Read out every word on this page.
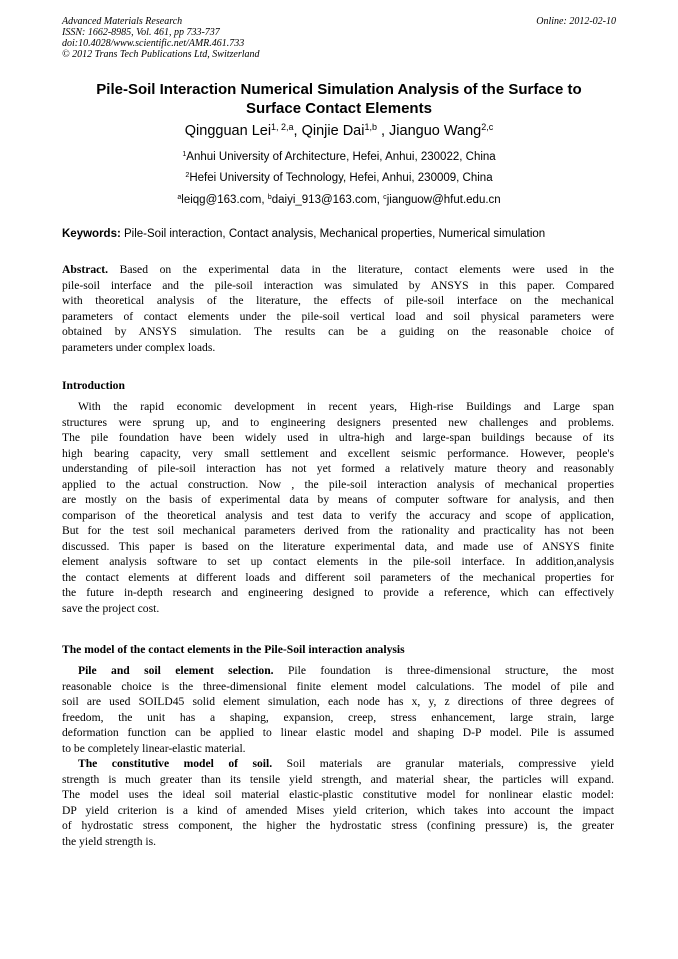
Advanced Materials Research
ISSN: 1662-8985, Vol. 461, pp 733-737
doi:10.4028/www.scientific.net/AMR.461.733
© 2012 Trans Tech Publications Ltd, Switzerland
Online: 2012-02-10
Pile-Soil Interaction Numerical Simulation Analysis of the Surface to
Surface Contact Elements
Qingguan Lei$^{1, 2,a}$, Qinjie Dai$^{1,b}$ , Jianguo Wang$^{2,c}$
$^1$Anhui University of Architecture, Hefei, Anhui, 230022, China
$^2$Hefei University of Technology, Hefei, Anhui, 230009, China
$^a$leiqg@163.com, $^b$daiyi_913@163.com, $^c$jianguow@hfut.edu.cn
Keywords: Pile-Soil interaction, Contact analysis, Mechanical properties, Numerical simulation
Abstract. Based on the experimental data in the literature, contact elements were used in the
pile-soil interface and the pile-soil interaction was simulated by ANSYS in this paper. Compared
with theoretical analysis of the literature, the effects of pile-soil interface on the mechanical
parameters of contact elements under the pile-soil vertical load and soil physical parameters were
obtained by ANSYS simulation. The results can be a guiding on the reasonable choice of
parameters under complex loads.
Introduction
With the rapid economic development in recent years, High-rise Buildings and Large span
structures were sprung up, and to engineering designers presented new challenges and problems.
The pile foundation have been widely used in ultra-high and large-span buildings because of its
high bearing capacity, very small settlement and excellent seismic performance. However, people's
understanding of pile-soil interaction has not yet formed a relatively mature theory and reasonably
applied to the actual construction. Now , the pile-soil interaction analysis of mechanical properties
are mostly on the basis of experimental data by means of computer software for analysis, and then
comparison of the theoretical analysis and test data to verify the accuracy and scope of application,
But for the test soil mechanical parameters derived from the rationality and practicality has not been
discussed. This paper is based on the literature experimental data, and made use of ANSYS finite
element analysis software to set up contact elements in the pile-soil interface. In addition,analysis
the contact elements at different loads and different soil parameters of the mechanical properties for
the future in-depth research and engineering designed to provide a reference, which can effectively
save the project cost.
The model of the contact elements in the Pile-Soil interaction analysis
Pile and soil element selection. Pile foundation is three-dimensional structure, the most
reasonable choice is the three-dimensional finite element model calculations. The model of pile and
soil are used SOILD45 solid element simulation, each node has x, y, z directions of three degrees of
freedom, the unit has a shaping, expansion, creep, stress enhancement, large strain, large
deformation function can be applied to linear elastic model and shaping D-P model. Pile is assumed
to be completely linear-elastic material.
The constitutive model of soil. Soil materials are granular materials, compressive yield
strength is much greater than its tensile yield strength, and material shear, the particles will expand.
The model uses the ideal soil material elastic-plastic constitutive model for nonlinear elastic model:
DP yield criterion is a kind of amended Mises yield criterion, which takes into account the impact
of hydrostatic stress component, the higher the hydrostatic stress (confining pressure) is, the greater
the yield strength is.
